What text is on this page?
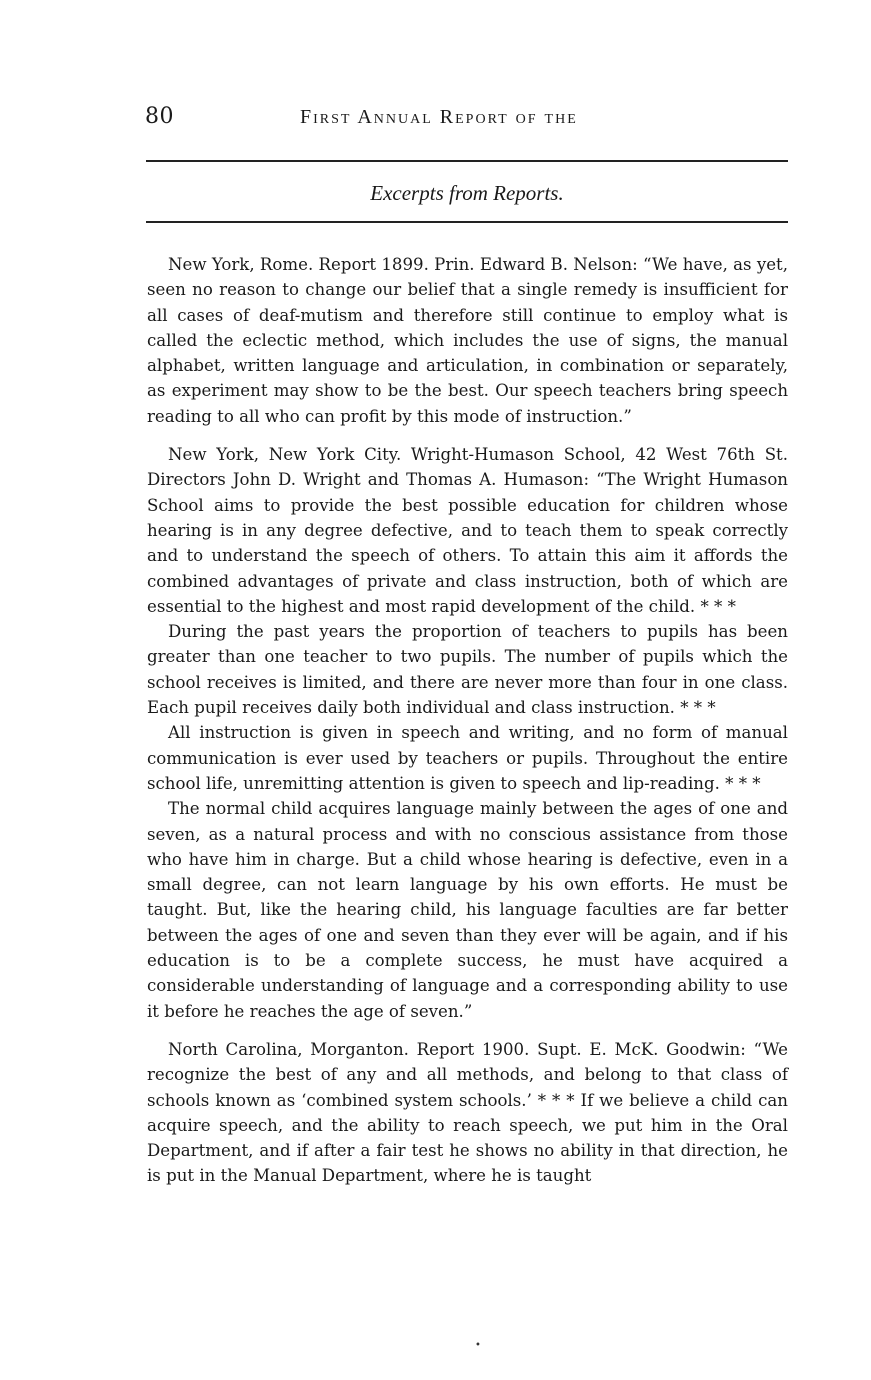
80	First Annual Report of the
Excerpts from Reports.

New York, Rome. Report 1899. Prin. Edward B. Nelson: “We have, as yet, seen no reason to change our belief that a single remedy is insufficient for all cases of deaf-mutism and therefore still continue to employ what is called the eclectic method, which includes the use of signs, the manual alphabet, written language and articulation, in combination or separately, as experiment may show to be the best. Our speech teachers bring speech reading to all who can profit by this mode of instruction.”

New York, New York City. Wright-Humason School, 42 West 76th St. Directors John D. Wright and Thomas A. Humason: “The Wright Humason School aims to provide the best possible education for children whose hearing is in any degree defective, and to teach them to speak correctly and to understand the speech of others. To attain this aim it affords the combined advantages of private and class instruction, both of which are essential to the highest and most rapid development of the child. * * *

During the past years the proportion of teachers to pupils has been greater than one teacher to two pupils. The number of pupils which the school receives is limited, and there are never more than four in one class. Each pupil receives daily both individual and class instruction. * * *

All instruction is given in speech and writing, and no form of manual communication is ever used by teachers or pupils. Throughout the entire school life, unremitting attention is given to speech and lip-reading. * * *

The normal child acquires language mainly between the ages of one and seven, as a natural process and with no conscious assistance from those who have him in charge. But a child whose hearing is defective, even in a small degree, can not learn language by his own efforts. He must be taught. But, like the hearing child, his language faculties are far better between the ages of one and seven than they ever will be again, and if his education is to be a complete success, he must have acquired a considerable understanding of language and a corresponding ability to use it before he reaches the age of seven.”

North Carolina, Morganton. Report 1900. Supt. E. McK. Goodwin: “We recognize the best of any and all methods, and belong to that class of schools known as ‘combined system schools.’ * * * If we believe a child can acquire speech, and the ability to reach speech, we put him in the Oral Department, and if after a fair test he shows no ability in that direction, he is put in the Manual Department, where he is taught

•
